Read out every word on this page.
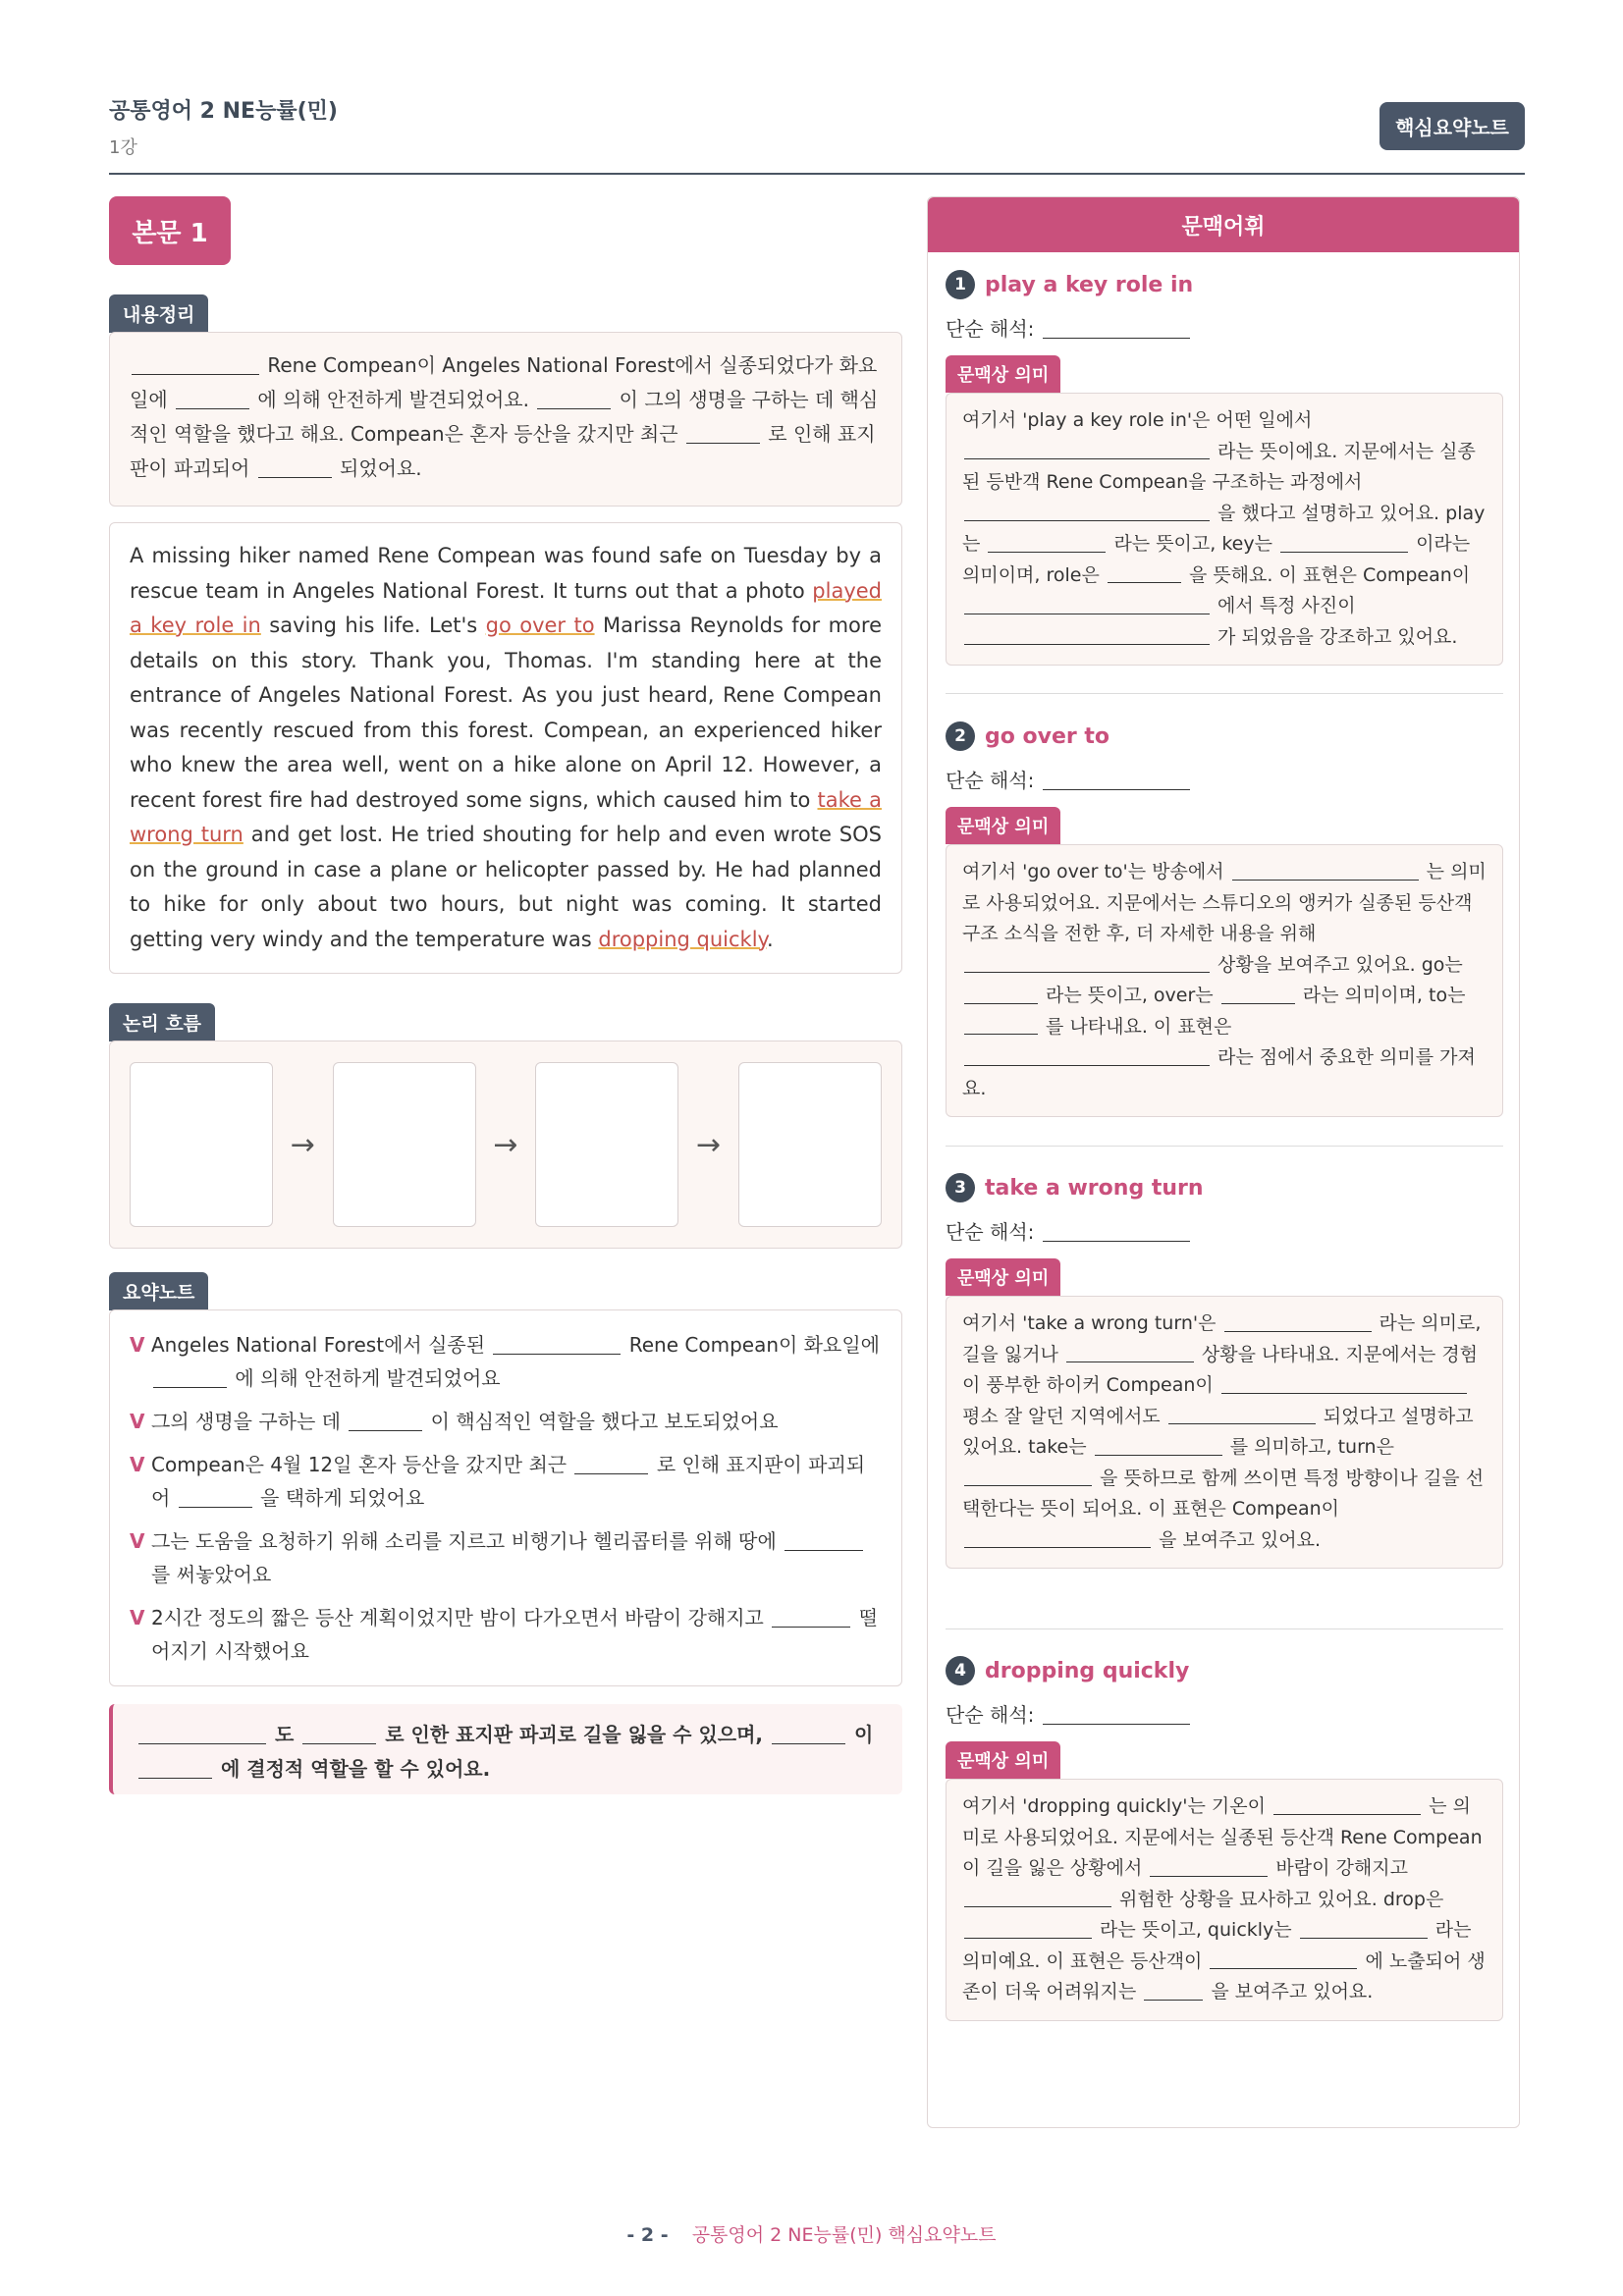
공통영어 2 NE능률(민)
1강
핵심요약노트
본문 1
내용정리
Rene Compean이 Angeles National Forest에서 실종되었다가 화요일에	에 의해 안전하게 발견되었어요.	이 그의 생명을 구하는 데 핵심적인 역할을 했다고 해요. Compean은 혼자 등산을 갔지만 최근	로 인해 표지판이 파괴되어	되었어요.
A missing hiker named Rene Compean was found safe on Tuesday by a rescue team in Angeles National Forest. It turns out that a photo played a key role in saving his life. Let's go over to Marissa Reynolds for more details on this story. Thank you, Thomas. I'm standing here at the entrance of Angeles National Forest. As you just heard, Rene Compean was recently rescued from this forest. Compean, an experienced hiker who knew the area well, went on a hike alone on April 12. However, a recent forest fire had destroyed some signs, which caused him to take a wrong turn and get lost. He tried shouting for help and even wrote SOS on the ground in case a plane or helicopter passed by. He had planned to hike for only about two hours, but night was coming. It started getting very windy and the temperature was dropping quickly.
논리 흐름
→	→	→
요약노트
V Angeles National Forest에서 실종된	Rene Compean이 화요일에  에 의해 안전하게 발견되었어요
V 그의 생명을 구하는 데	이 핵심적인 역할을 했다고 보도되었어요
V Compean은 4월 12일 혼자 등산을 갔지만 최근	로 인해 표지판이 파괴되어	을 택하게 되었어요
V 그는 도움을 요청하기 위해 소리를 지르고 비행기나 헬리콥터를 위해 땅에  를 써놓았어요
V 2시간 정도의 짧은 등산 계획이었지만 밤이 다가오면서 바람이 강해지고	떨어지기 시작했어요
도	로 인한 표지판 파괴로 길을 잃을 수 있으며,	이  에 결정적 역할을 할 수 있어요.
문맥어휘
1 play a key role in
단순 해석:
문맥상 의미
여기서 'play a key role in'은 어떤 일에서  라는 뜻이에요. 지문에서는 실종된 등반객 Rene Compean을 구조하는 과정에서  을 했다고 설명하고 있어요. play는	라는 뜻이고, key는	이라는 의미이며, role은	을 뜻해요. 이 표현은 Compean이  에서 특정 사진이  가 되었음을 강조하고 있어요.
2 go over to
단순 해석:
문맥상 의미
여기서 'go over to'는 방송에서	는 의미로 사용되었어요. 지문에서는 스튜디오의 앵커가 실종된 등산객 구조 소식을 전한 후, 더 자세한 내용을 위해  상황을 보여주고 있어요. go는  라는 뜻이고, over는	라는 의미이며, to는  를 나타내요. 이 표현은  라는 점에서 중요한 의미를 가져요.
3 take a wrong turn
단순 해석:
문맥상 의미
여기서 'take a wrong turn'은	라는 의미로, 길을 잃거나	상황을 나타내요. 지문에서는 경험이 풍부한 하이커 Compean이  평소 잘 알던 지역에서도	되었다고 설명하고 있어요. take는	를 의미하고, turn은  을 뜻하므로 함께 쓰이면 특정 방향이나 길을 선택한다는 뜻이 되어요. 이 표현은 Compean이  을 보여주고 있어요.
4 dropping quickly
단순 해석:
문맥상 의미
여기서 'dropping quickly'는 기온이	는 의미로 사용되었어요. 지문에서는 실종된 등산객 Rene Compean이 길을 잃은 상황에서	바람이 강해지고  위험한 상황을 묘사하고 있어요. drop은  라는 뜻이고, quickly는	라는 의미예요. 이 표현은 등산객이	에 노출되어 생존이 더욱 어려워지는	을 보여주고 있어요.
- 2 - 공통영어 2 NE능률(민) 핵심요약노트
